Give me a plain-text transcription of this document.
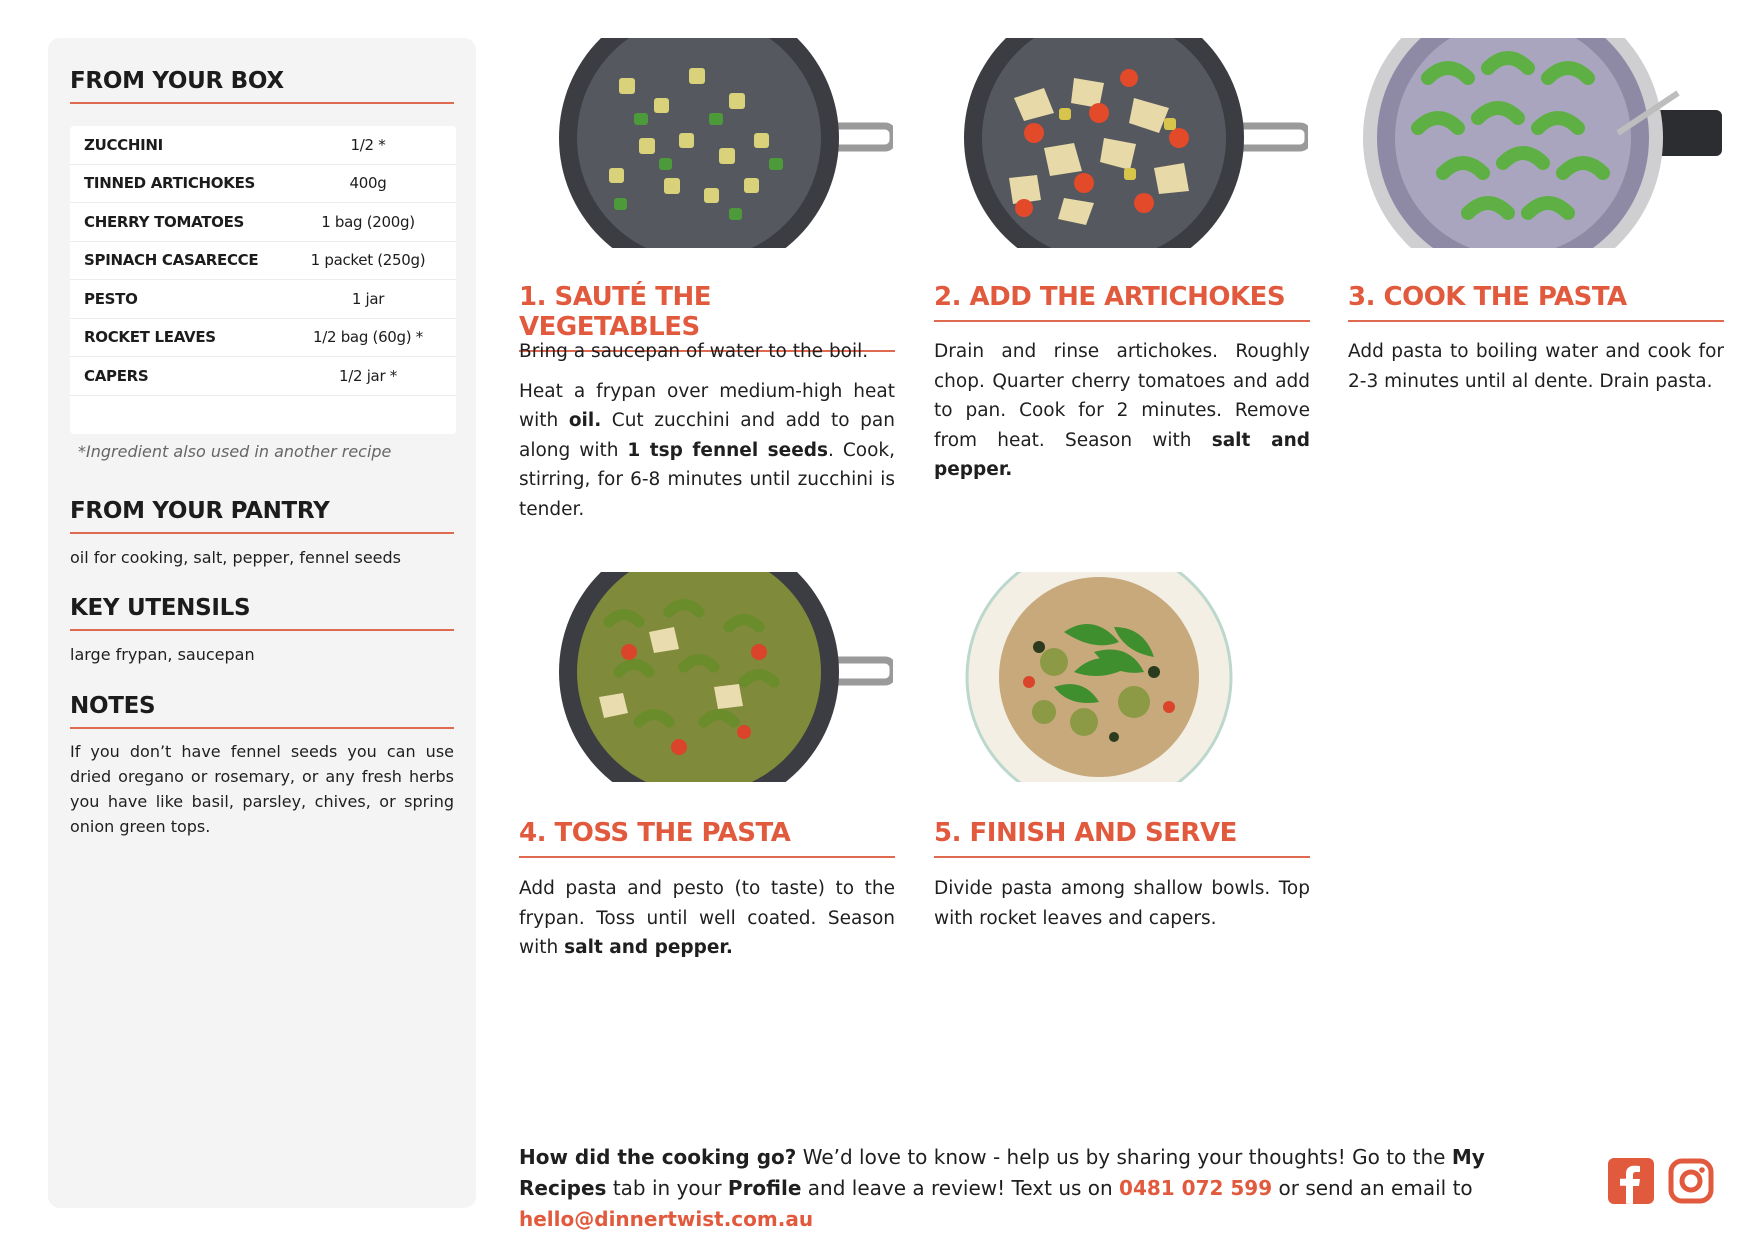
FROM YOUR BOX
ZUCCHINI	1/2 *
TINNED ARTICHOKES	400g
CHERRY TOMATOES	1 bag (200g)
SPINACH CASARECCE	1 packet (250g)
PESTO	1 jar
ROCKET LEAVES	1/2 bag (60g) *
CAPERS	1/2 jar *
*Ingredient also used in another recipe
FROM YOUR PANTRY
oil for cooking, salt, pepper, fennel seeds
KEY UTENSILS
large frypan, saucepan
NOTES
If you don’t have fennel seeds you can use dried oregano or rosemary, or any fresh herbs you have like basil, parsley, chives, or spring onion green tops.
1. SAUTÉ THE VEGETABLES

Bring a saucepan of water to the boil.

Heat a frypan over medium-high heat with oil. Cut zucchini and add to pan along with 1 tsp fennel seeds. Cook, stirring, for 6-8 minutes until zucchini is tender.

2. ADD THE ARTICHOKES

Drain and rinse artichokes. Roughly chop. Quarter cherry tomatoes and add to pan. Cook for 2 minutes. Remove from heat. Season with salt and pepper.

3. COOK THE PASTA

Add pasta to boiling water and cook for 2-3 minutes until al dente. Drain pasta.

4. TOSS THE PASTA

Add pasta and pesto (to taste) to the frypan. Toss until well coated. Season with salt and pepper.

5. FINISH AND SERVE

Divide pasta among shallow bowls. Top with rocket leaves and capers.

How did the cooking go? We’d love to know - help us by sharing your thoughts! Go to the My Recipes tab in your Profile and leave a review! Text us on 0481 072 599 or send an email to hello@dinnertwist.com.au
